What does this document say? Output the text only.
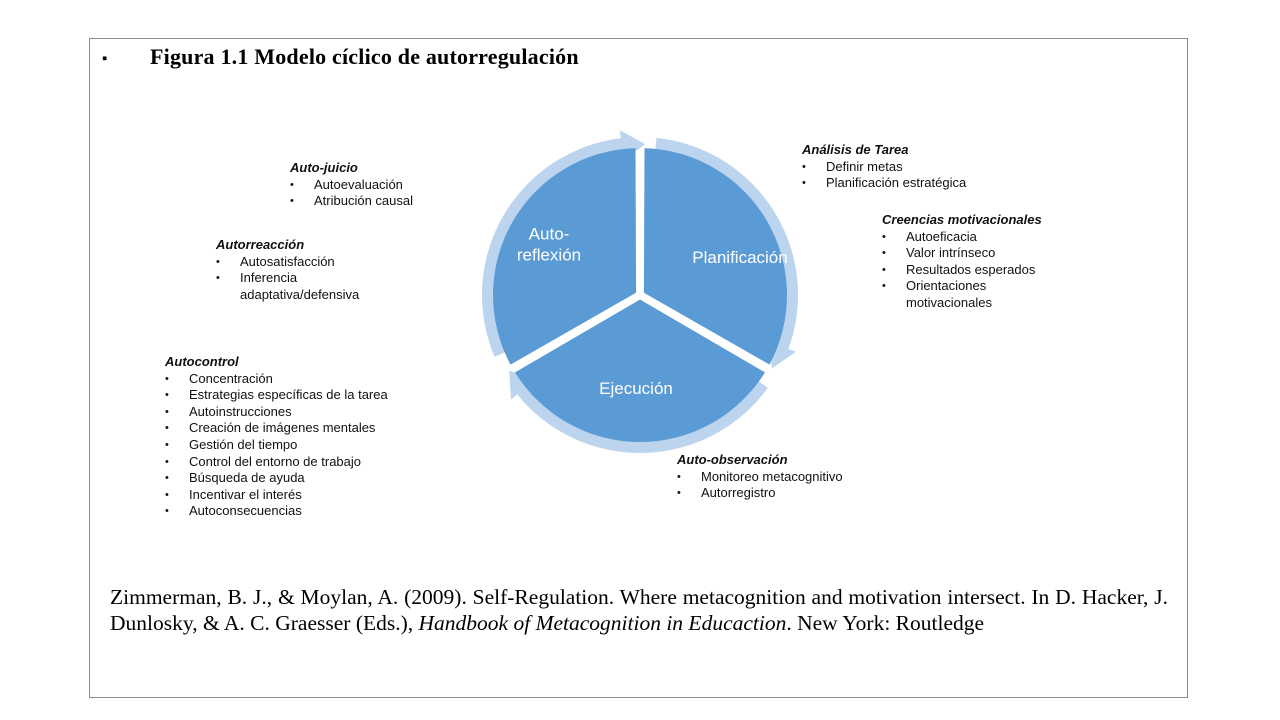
▪ Figura 1.1 Modelo cíclico de autorregulación
Planificación
Ejecución
Auto-reflexión
Análisis de Tarea
• Definir metas
• Planificación estratégica
Creencias motivacionales
• Autoeficacia
• Valor intrínseco
• Resultados esperados
• Orientaciones
motivacionales
Auto-observación
• Monitoreo metacognitivo
• Autorregistro
Autocontrol
• Concentración
• Estrategias específicas de la tarea
• Autoinstrucciones
• Creación de imágenes mentales
• Gestión del tiempo
• Control del entorno de trabajo
• Búsqueda de ayuda
• Incentivar el interés
• Autoconsecuencias
Autorreacción
• Autosatisfacción
• Inferencia
adaptativa/defensiva
Auto-juicio
• Autoevaluación
• Atribución causal
Zimmerman, B. J., & Moylan, A. (2009). Self-Regulation. Where metacognition and motivation intersect. In D. Hacker, J. Dunlosky, & A. C. Graesser (Eds.), Handbook of Metacognition in Educaction. New York: Routledge
